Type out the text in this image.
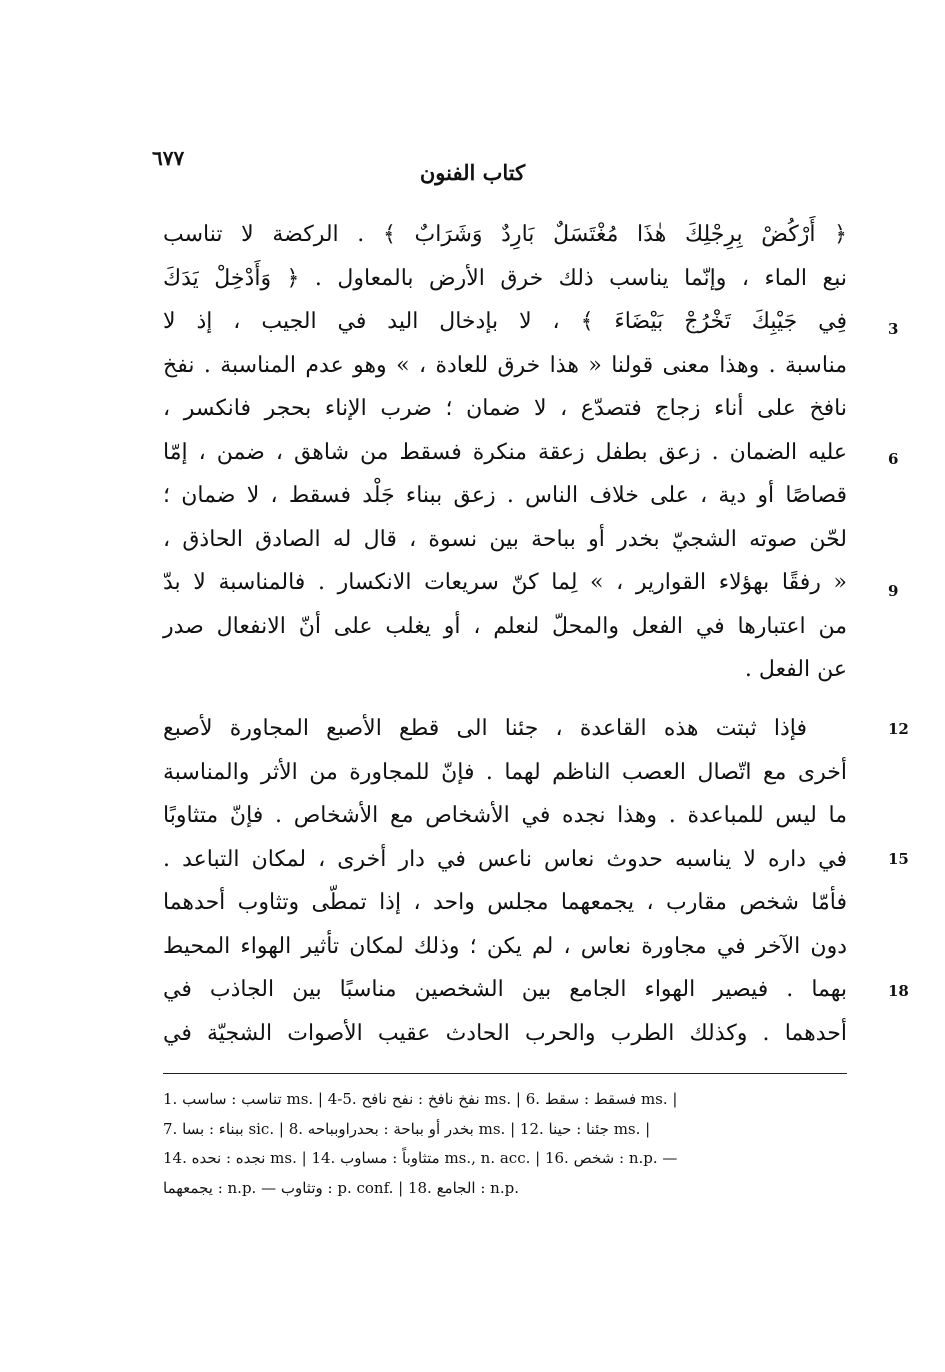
٦٧٧
كتاب الفنون
﴿ أَرْكُضْ بِرِجْلِكَ هٰذَا مُغْتَسَلٌ بَارِدٌ وَشَرَابٌ ﴾ . الركضة لا تناسب
نبع الماء ، وإنّما يناسب ذلك خرق الأرض بالمعاول . ﴿ وَأَدْخِلْ يَدَكَ
فِي جَيْبِكَ تَخْرُجْ بَيْضَاءَ ﴾ ، لا بإدخال اليد في الجيب ، إذ لا
مناسبة . وهذا معنى قولنا « هذا خرق للعادة ، » وهو عدم المناسبة . نفخ
نافخ على أناء زجاج فتصدّع ، لا ضمان ؛ ضرب الإناء بحجر فانكسر ،
عليه الضمان . زعق بطفل زعقة منكرة فسقط من شاهق ، ضمن ، إمّا
قصاصًا أو دية ، على خلاف الناس . زعق ببناء جَلْد فسقط ، لا ضمان ؛
لحّن صوته الشجيّ بخدر أو بباحة بين نسوة ، قال له الصادق الحاذق ،
« رفقًا بهؤلاء القوارير ، » لِما كنّ سريعات الانكسار . فالمناسبة لا بدّ
من اعتبارها في الفعل والمحلّ لنعلم ، أو يغلب على أنّ الانفعال صدر
عن الفعل .
فإذا ثبتت هذه القاعدة ، جئنا الى قطع الأصبع المجاورة لأصبع
أخرى مع اتّصال العصب الناظم لهما . فإنّ للمجاورة من الأثر والمناسبة
ما ليس للمباعدة . وهذا نجده في الأشخاص مع الأشخاص . فإنّ متثاوبًا
في داره لا يناسبه حدوث نعاس ناعس في دار أخرى ، لمكان التباعد .
فأمّا شخص مقارب ، يجمعهما مجلس واحد ، إذا تمطّى وتثاوب أحدهما
دون الآخر في مجاورة نعاس ، لم يكن ؛ وذلك لمكان تأثير الهواء المحيط
بهما . فيصير الهواء الجامع بين الشخصين مناسبًا بين الجاذب في
أحدهما . وكذلك الطرب والحرب الحادث عقيب الأصوات الشجيّة في
3
6
9
12
15
18
1. تناسب : ساسب ms. | 4-5. نفخ نافخ : نفح نافح ms. | 6. فسقط : سقط ms. |
7. ببناء : بسا sic. | 8. بخدر أو بباحة : بحدراوبباحه ms. | 12. جئنا : حينا ms. |
14. نجده : نحده ms. | 14. متثاوباً : مساوب ms., n. acc. | 16. شخص : n.p. —
يجمعهما : n.p. — وتثاوب : p. conf. | 18. الجامع : n.p.
